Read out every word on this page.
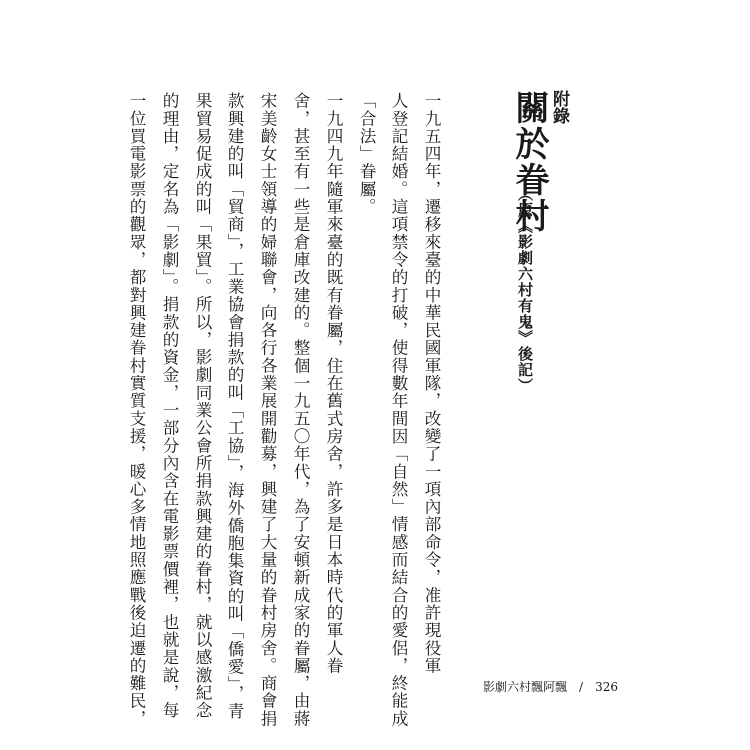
附錄
關於眷村
（原《影劇六村有鬼》後記）
一九五四年，遷移來臺的中華民國軍隊，改變了一項內部命令，准許現役軍
人登記結婚。這項禁令的打破，使得數年間因「自然」情感而結合的愛侶，終能成
「合法」眷屬。
一九四九年隨軍來臺的既有眷屬，住在舊式房舍，許多是日本時代的軍人眷
舍，甚至有一些是倉庫改建的。整個一九五〇年代，為了安頓新成家的眷屬，由蔣
宋美齡女士領導的婦聯會，向各行各業展開勸募，興建了大量的眷村房舍。商會捐
款興建的叫「貿商」，工業協會捐款的叫「工協」，海外僑胞集資的叫「僑愛」，青
果貿易促成的叫「果貿」。所以，影劇同業公會所捐款興建的眷村，就以感激紀念
的理由，定名為「影劇」。捐款的資金，一部分內含在電影票價裡，也就是說，每
一位買電影票的觀眾，都對興建眷村實質支援，暖心多情地照應戰後迫遷的難民，	影劇六村飄阿飄 / 326
